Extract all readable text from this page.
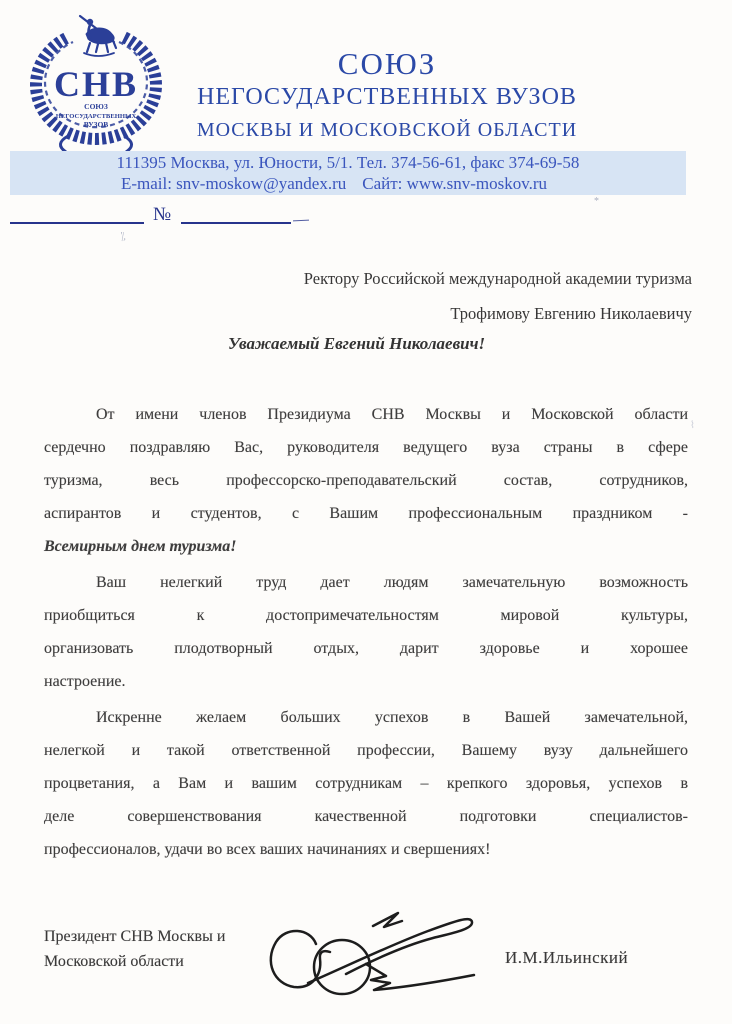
СНВ
СОЮЗ
НЕГОСУДАРСТВЕННЫХ
ВУЗОВ
СОЮЗ
НЕГОСУДАРСТВЕННЫХ ВУЗОВ
МОСКВЫ И МОСКОВСКОЙ ОБЛАСТИ
111395 Москва, ул. Юности, 5/1. Тел. 374-56-61, факс 374-69-58
E-mail: snv-moskow@yandex.ru Сайт: www.snv-moskov.ru
№
'|,
*
⌇
Ректору Российской международной академии туризма
Трофимову Евгению Николаевичу
Уважаемый Евгений Николаевич!
От имени членов Президиума СНВ Москвы и Московской области
сердечно поздравляю Вас, руководителя ведущего вуза страны в сфере
туризма, весь профессорско-преподавательский состав, сотрудников,
аспирантов и студентов, с Вашим профессиональным праздником -
Всемирным днем туризма!
Ваш нелегкий труд дает людям замечательную возможность
приобщиться к достопримечательностям мировой культуры,
организовать плодотворный отдых, дарит здоровье и хорошее
настроение.
Искренне желаем больших успехов в Вашей замечательной,
нелегкой и такой ответственной профессии, Вашему вузу дальнейшего
процветания, а Вам и вашим сотрудникам – крепкого здоровья, успехов в
деле совершенствования качественной подготовки специалистов-
профессионалов, удачи во всех ваших начинаниях и свершениях!
Президент СНВ Москвы и
Московской области	И.М.Ильинский
